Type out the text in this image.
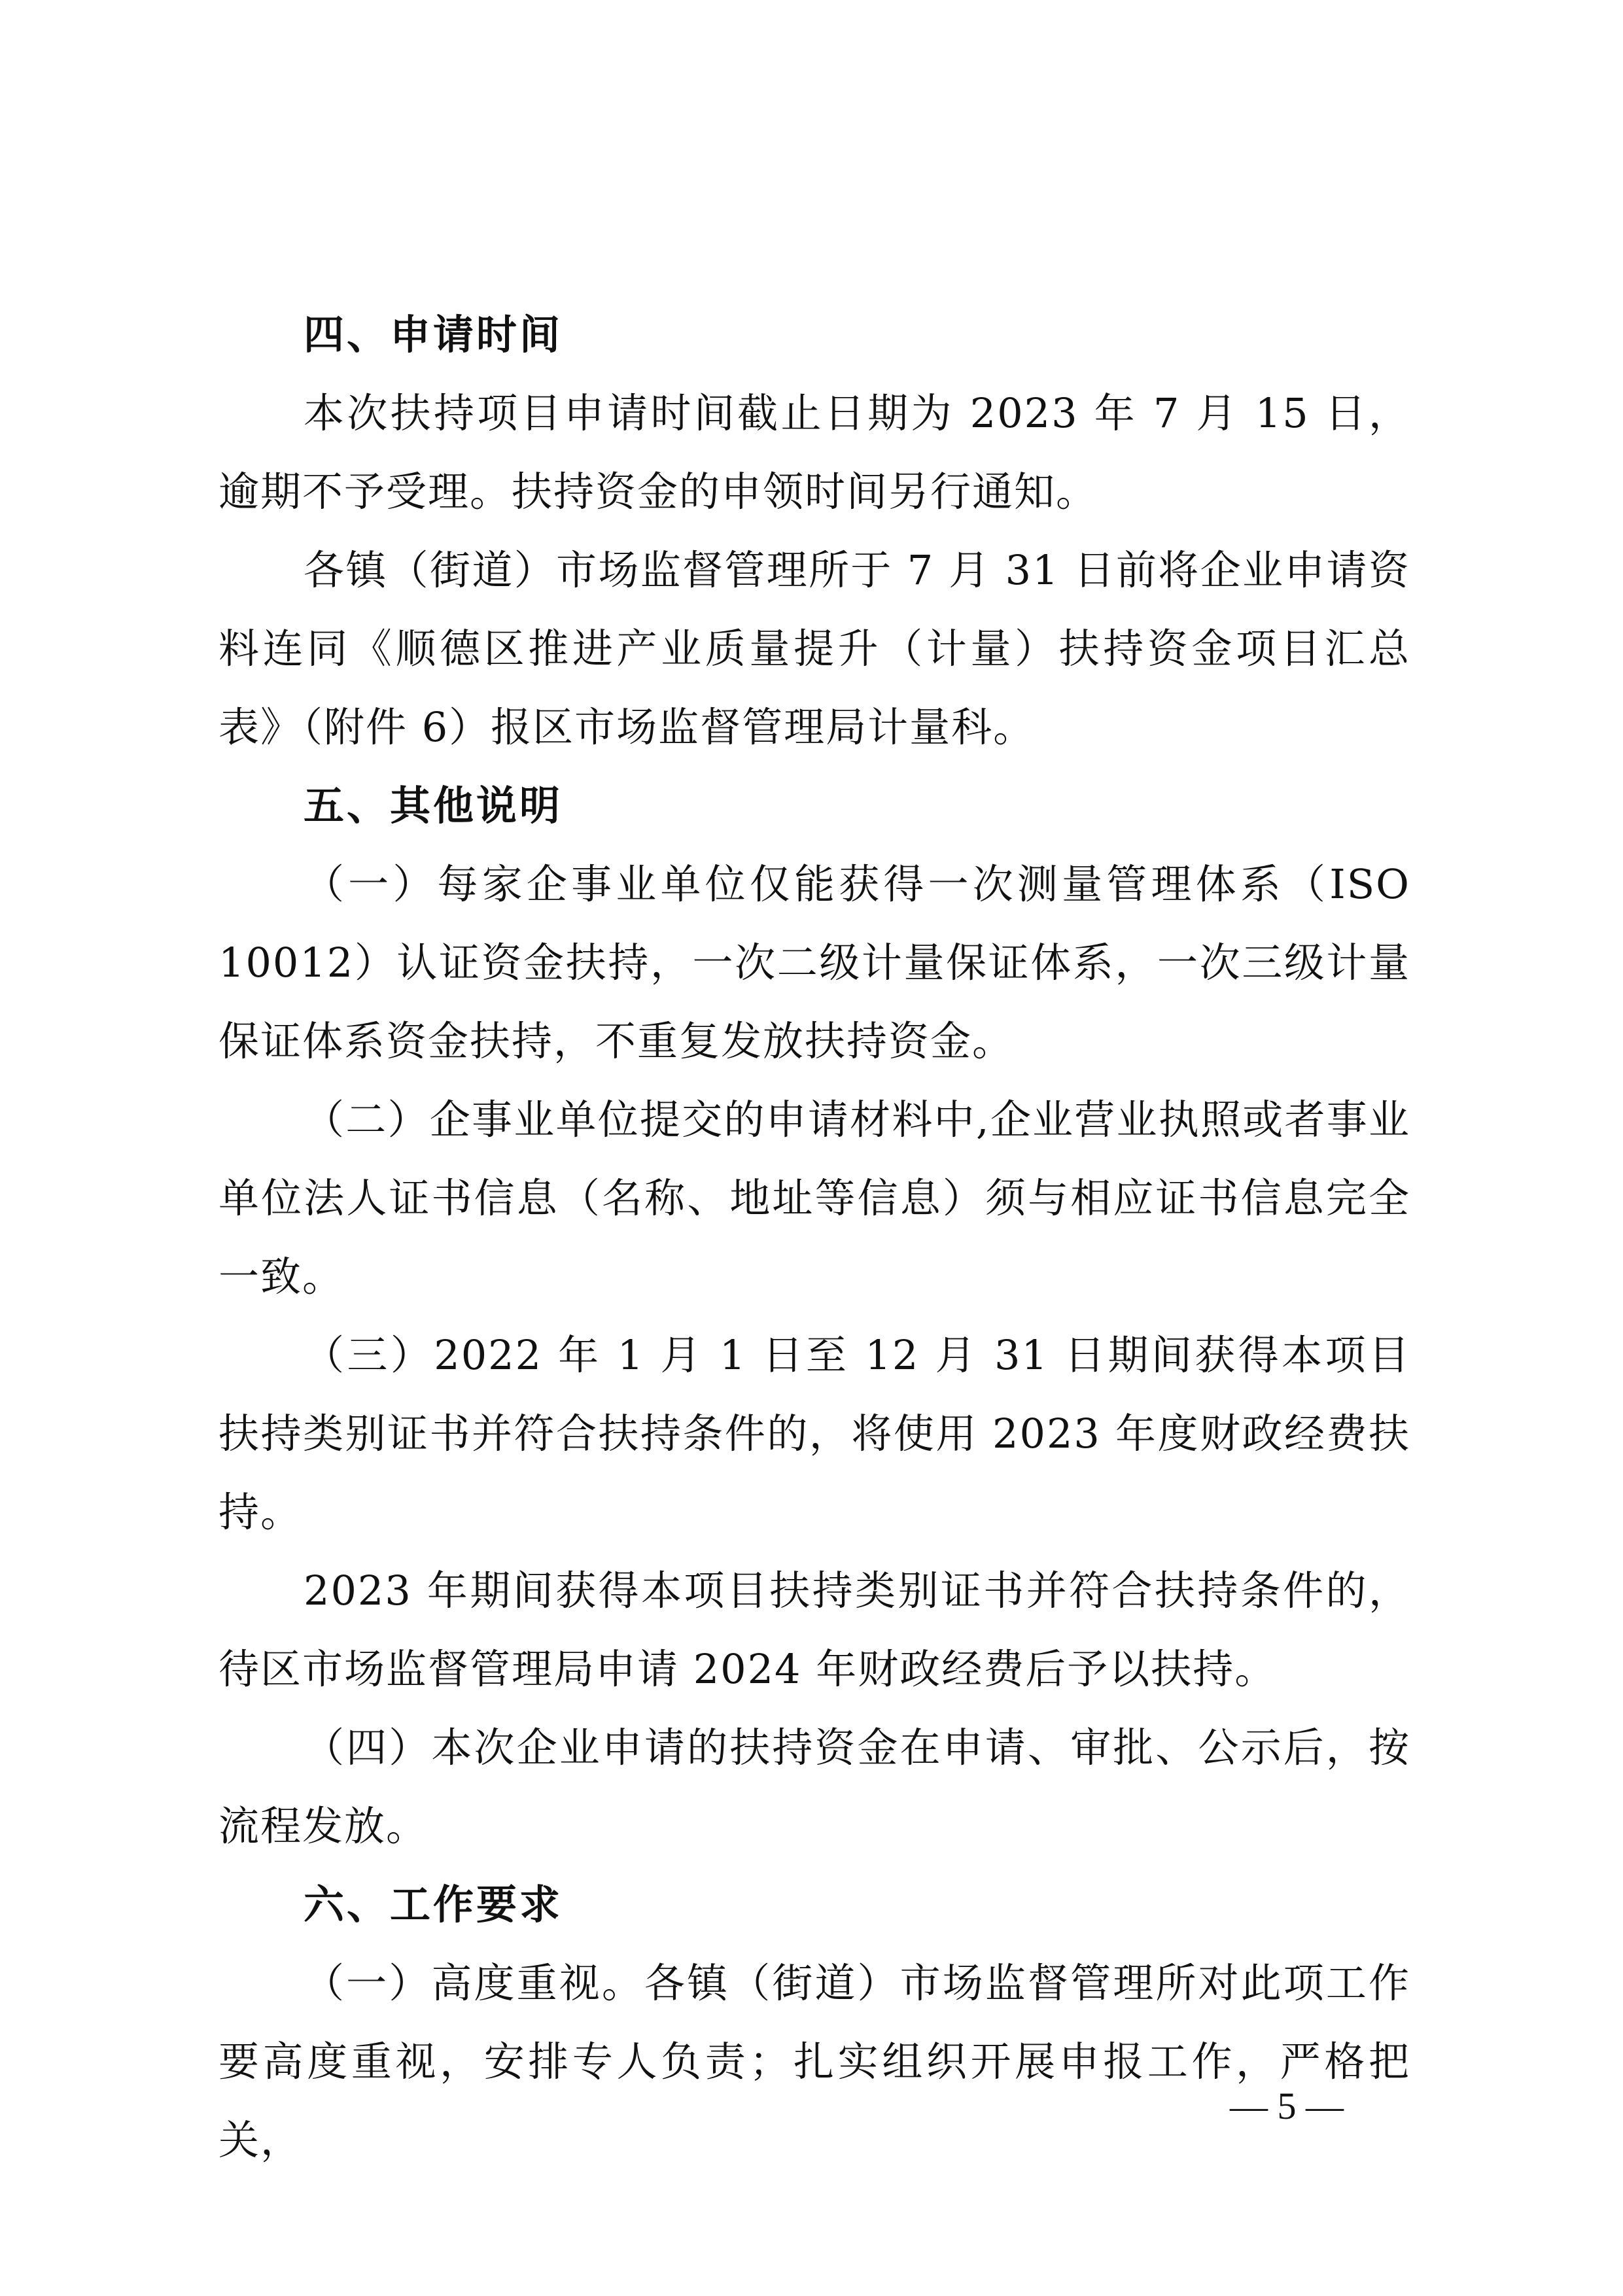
四、申请时间

本次扶持项目申请时间截止日期为 2023 年 7 月 15 日，逾期不予受理。扶持资金的申领时间另行通知。

各镇（街道）市场监督管理所于 7 月 31 日前将企业申请资料连同《顺德区推进产业质量提升（计量）扶持资金项目汇总表》（附件 6）报区市场监督管理局计量科。

五、其他说明

（一）每家企事业单位仅能获得一次测量管理体系（ISO 10012）认证资金扶持，一次二级计量保证体系，一次三级计量保证体系资金扶持，不重复发放扶持资金。

（二）企事业单位提交的申请材料中,企业营业执照或者事业单位法人证书信息（名称、地址等信息）须与相应证书信息完全一致。

（三）2022 年 1 月 1 日至 12 月 31 日期间获得本项目扶持类别证书并符合扶持条件的，将使用 2023 年度财政经费扶持。

2023 年期间获得本项目扶持类别证书并符合扶持条件的，待区市场监督管理局申请 2024 年财政经费后予以扶持。

（四）本次企业申请的扶持资金在申请、审批、公示后，按流程发放。

六、工作要求

（一）高度重视。各镇（街道）市场监督管理所对此项工作要高度重视，安排专人负责；扎实组织开展申报工作，严格把关，

— 5 —
